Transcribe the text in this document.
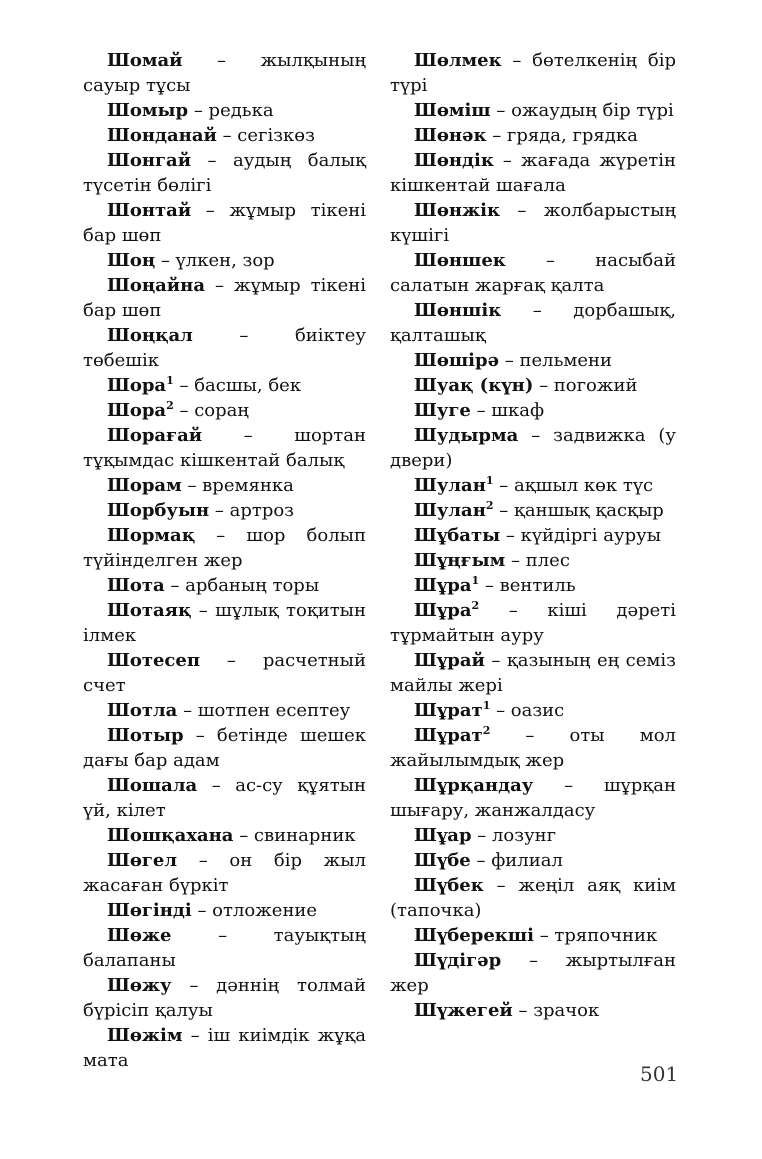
Шомай – жылқының сауыр тұсы

Шомыр – редька

Шонданай – сегізкөз

Шонгай – аудың балық түсетін бөлігі

Шонтай – жұмыр тікені бар шөп

Шоң – үлкен, зор

Шоңайна – жұмыр тікені бар шөп

Шоңқал – биіктеу төбешік

Шора$^1$ – басшы, бек

Шора$^2$ – сораң

Шорағай – шортан тұқымдас кішкентай балық

Шорам – времянка

Шорбуын – артроз

Шормақ – шор болып түйінделген жер

Шота – арбаның торы

Шотаяқ – шұлық тоқитын ілмек

Шотесеп – расчетный счет

Шотла – шотпен есептеу

Шотыр – бетінде шешек дағы бар адам

Шошала – ас-су құятын үй, кілет

Шошқахана – свинарник

Шөгел – он бір жыл жасаған бүркіт

Шөгінді – отложение

Шөже – тауықтың балапаны

Шөжу – дәннің толмай бүрісіп қалуы

Шөжім – іш киімдік жұқа мата

Шөлмек – бөтелкенің бір түрі

Шөміш – ожаудың бір түрі

Шөнәк – гряда, грядка

Шөндік – жағада жүретін кішкентай шағала

Шөнжік – жолбарыстың күшігі

Шөншек – насыбай салатын жарғақ қалта

Шөншік – дорбашық, қалташық

Шөшірә – пельмени

Шуақ (күн) – погожий

Шуге – шкаф

Шудырма – задвижка (у двери)

Шулан$^1$ – ақшыл көк түс

Шулан$^2$ – қаншық қасқыр

Шұбаты – күйдіргі ауруы

Шұңғым – плес

Шұра$^1$ – вентиль

Шұра$^2$ – кіші дәреті тұрмайтын ауру

Шұрай – қазының ең семіз майлы жері

Шұрат$^1$ – оазис

Шұрат$^2$ – оты мол жайылымдық жер

Шұрқандау – шұрқан шығару, жанжалдасу

Шұар – лозунг

Шүбе – филиал

Шүбек – жеңіл аяқ киім (тапочка)

Шүберекші – тряпочник

Шүдігәр – жыртылған жер

Шүжегей – зрачок

501
